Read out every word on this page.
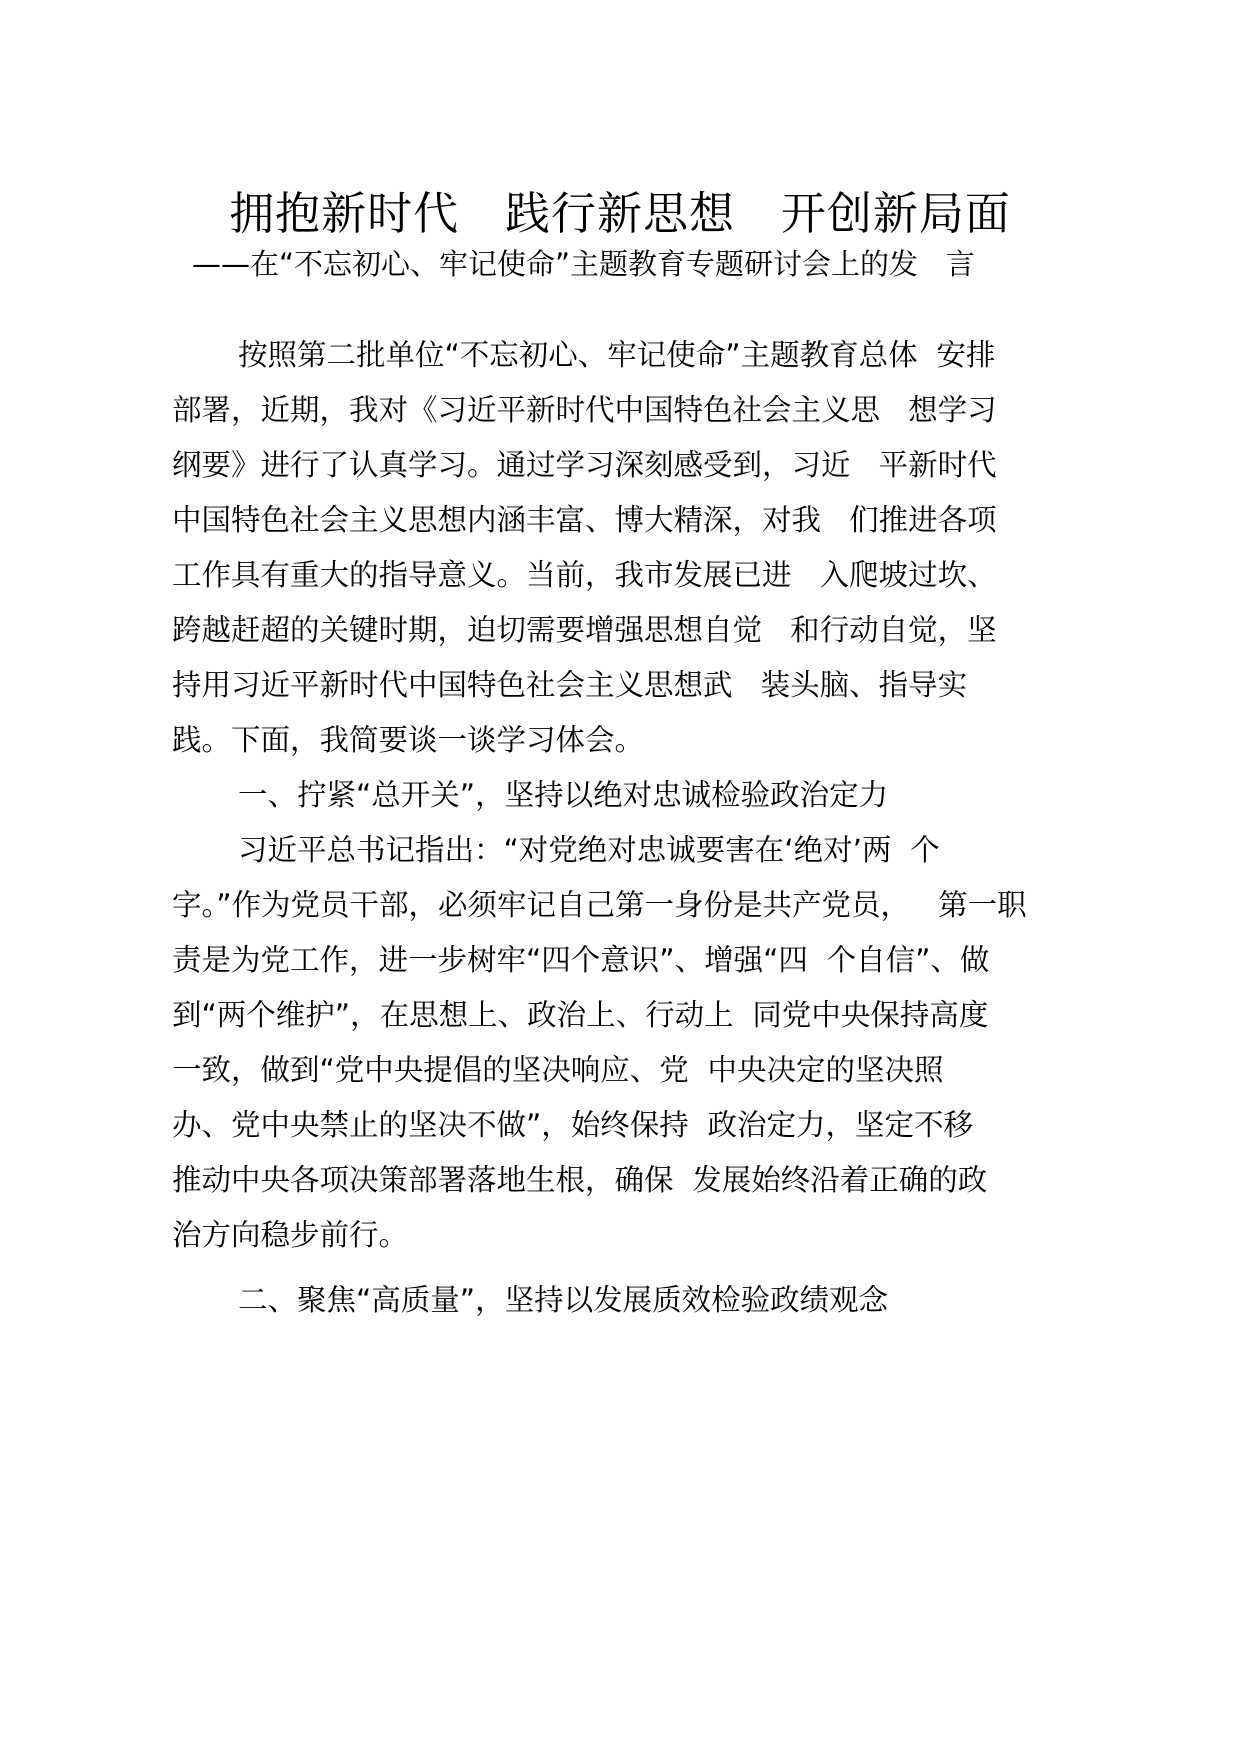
拥抱新时代   践行新思想   开创新局面
——在“不忘初心、牢记使命”主题教育专题研讨会上的发   言
按照第二批单位“不忘初心、牢记使命”主题教育总体  安排
部署，近期，我对《习近平新时代中国特色社会主义思   想学习
纲要》进行了认真学习。通过学习深刻感受到，习近   平新时代
中国特色社会主义思想内涵丰富、博大精深，对我   们推进各项
工作具有重大的指导意义。当前，我市发展已进   入爬坡过坎、
跨越赶超的关键时期，迫切需要增强思想自觉   和行动自觉，坚
持用习近平新时代中国特色社会主义思想武   装头脑、指导实
践。下面，我简要谈一谈学习体会。
一、拧紧“总开关”，坚持以绝对忠诚检验政治定力
习近平总书记指出：“对党绝对忠诚要害在‘绝对’两  个
字。”作为党员干部，必须牢记自己第一身份是共产党员，   第一职
责是为党工作，进一步树牢“四个意识”、增强“四  个自信”、做
到“两个维护”，在思想上、政治上、行动上  同党中央保持高度
一致，做到“党中央提倡的坚决响应、党  中央决定的坚决照
办、党中央禁止的坚决不做”，始终保持  政治定力，坚定不移
推动中央各项决策部署落地生根，确保  发展始终沿着正确的政
治方向稳步前行。
二、聚焦“高质量”，坚持以发展质效检验政绩观念
